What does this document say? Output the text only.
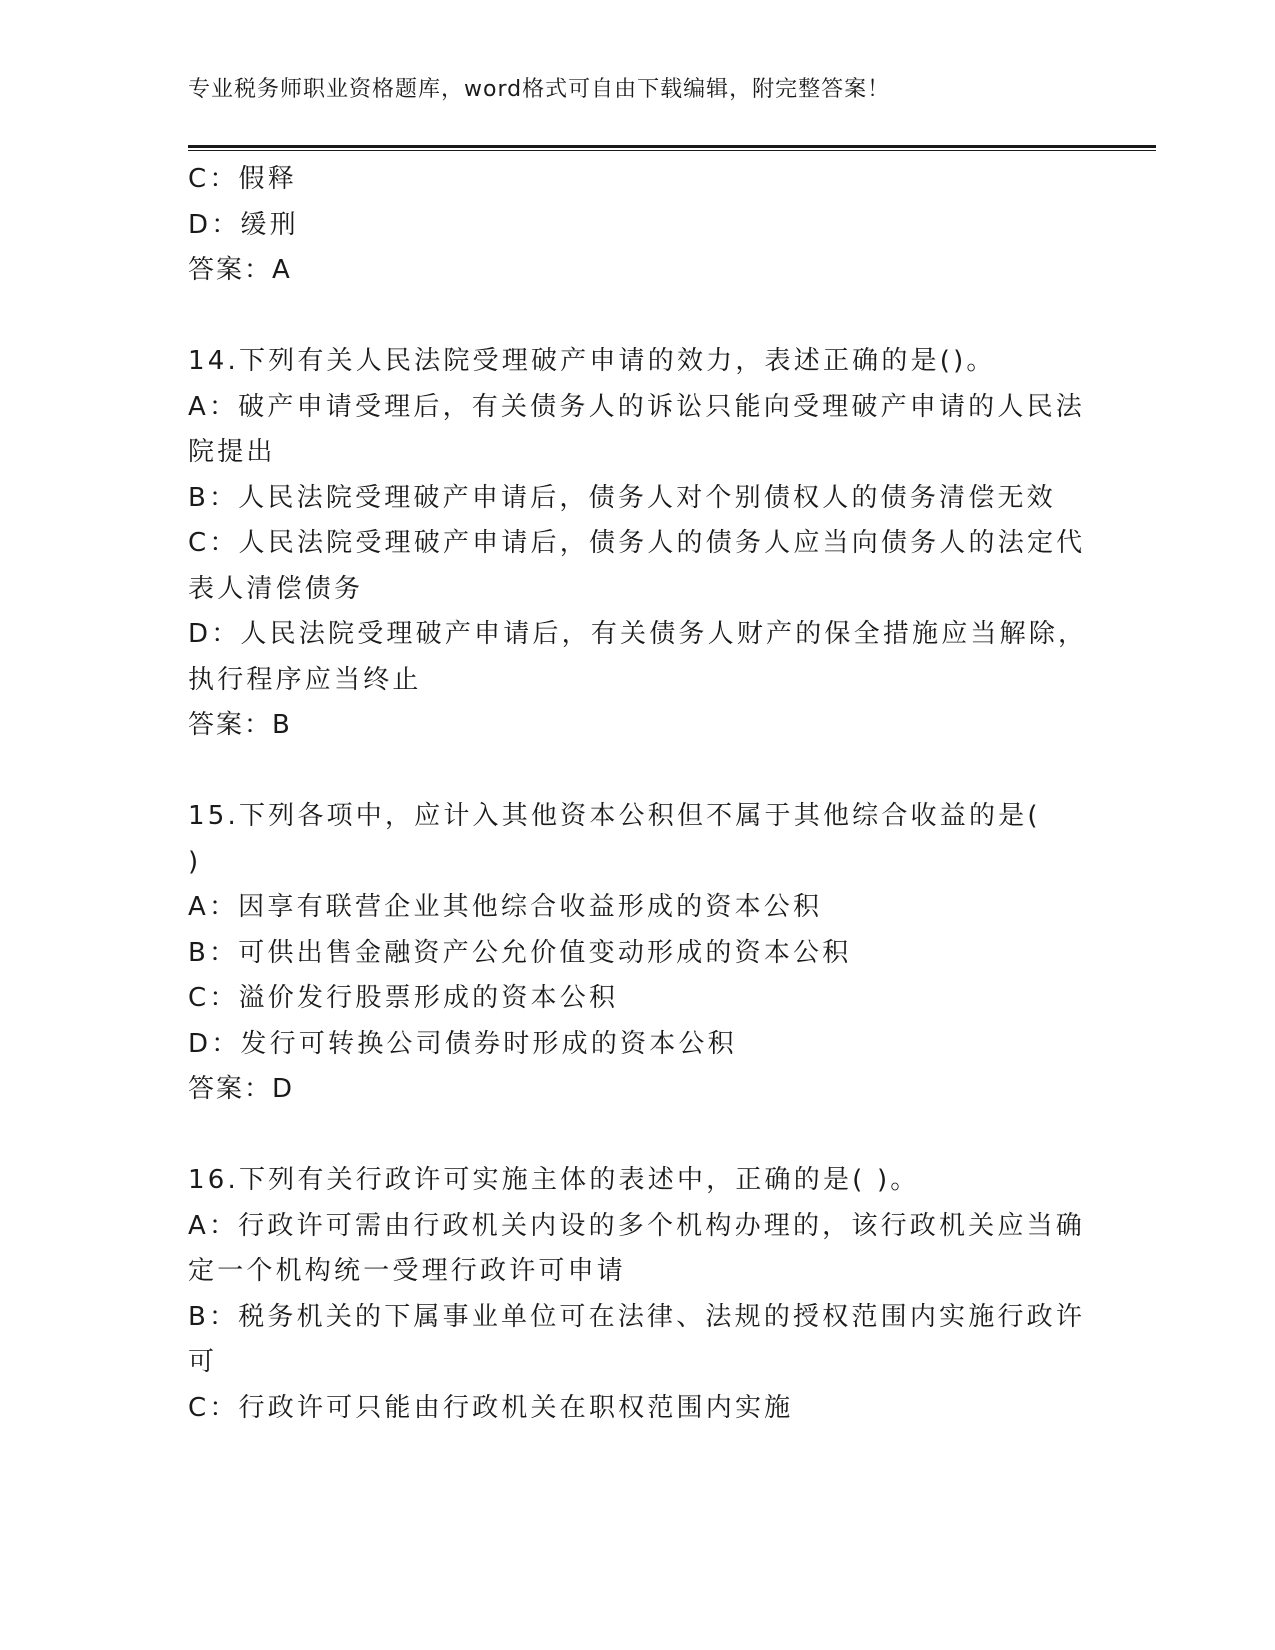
专业税务师职业资格题库，word格式可自由下载编辑，附完整答案！
C：假释
D：缓刑
答案：A
14.下列有关人民法院受理破产申请的效力，表述正确的是()。
A：破产申请受理后，有关债务人的诉讼只能向受理破产申请的人民法
院提出
B：人民法院受理破产申请后，债务人对个别债权人的债务清偿无效
C：人民法院受理破产申请后，债务人的债务人应当向债务人的法定代
表人清偿债务
D：人民法院受理破产申请后，有关债务人财产的保全措施应当解除，
执行程序应当终止
答案：B
15.下列各项中，应计入其他资本公积但不属于其他综合收益的是(
)
A：因享有联营企业其他综合收益形成的资本公积
B：可供出售金融资产公允价值变动形成的资本公积
C：溢价发行股票形成的资本公积
D：发行可转换公司债券时形成的资本公积
答案：D
16.下列有关行政许可实施主体的表述中，正确的是( )。
A：行政许可需由行政机关内设的多个机构办理的，该行政机关应当确
定一个机构统一受理行政许可申请
B：税务机关的下属事业单位可在法律、法规的授权范围内实施行政许
可
C：行政许可只能由行政机关在职权范围内实施
